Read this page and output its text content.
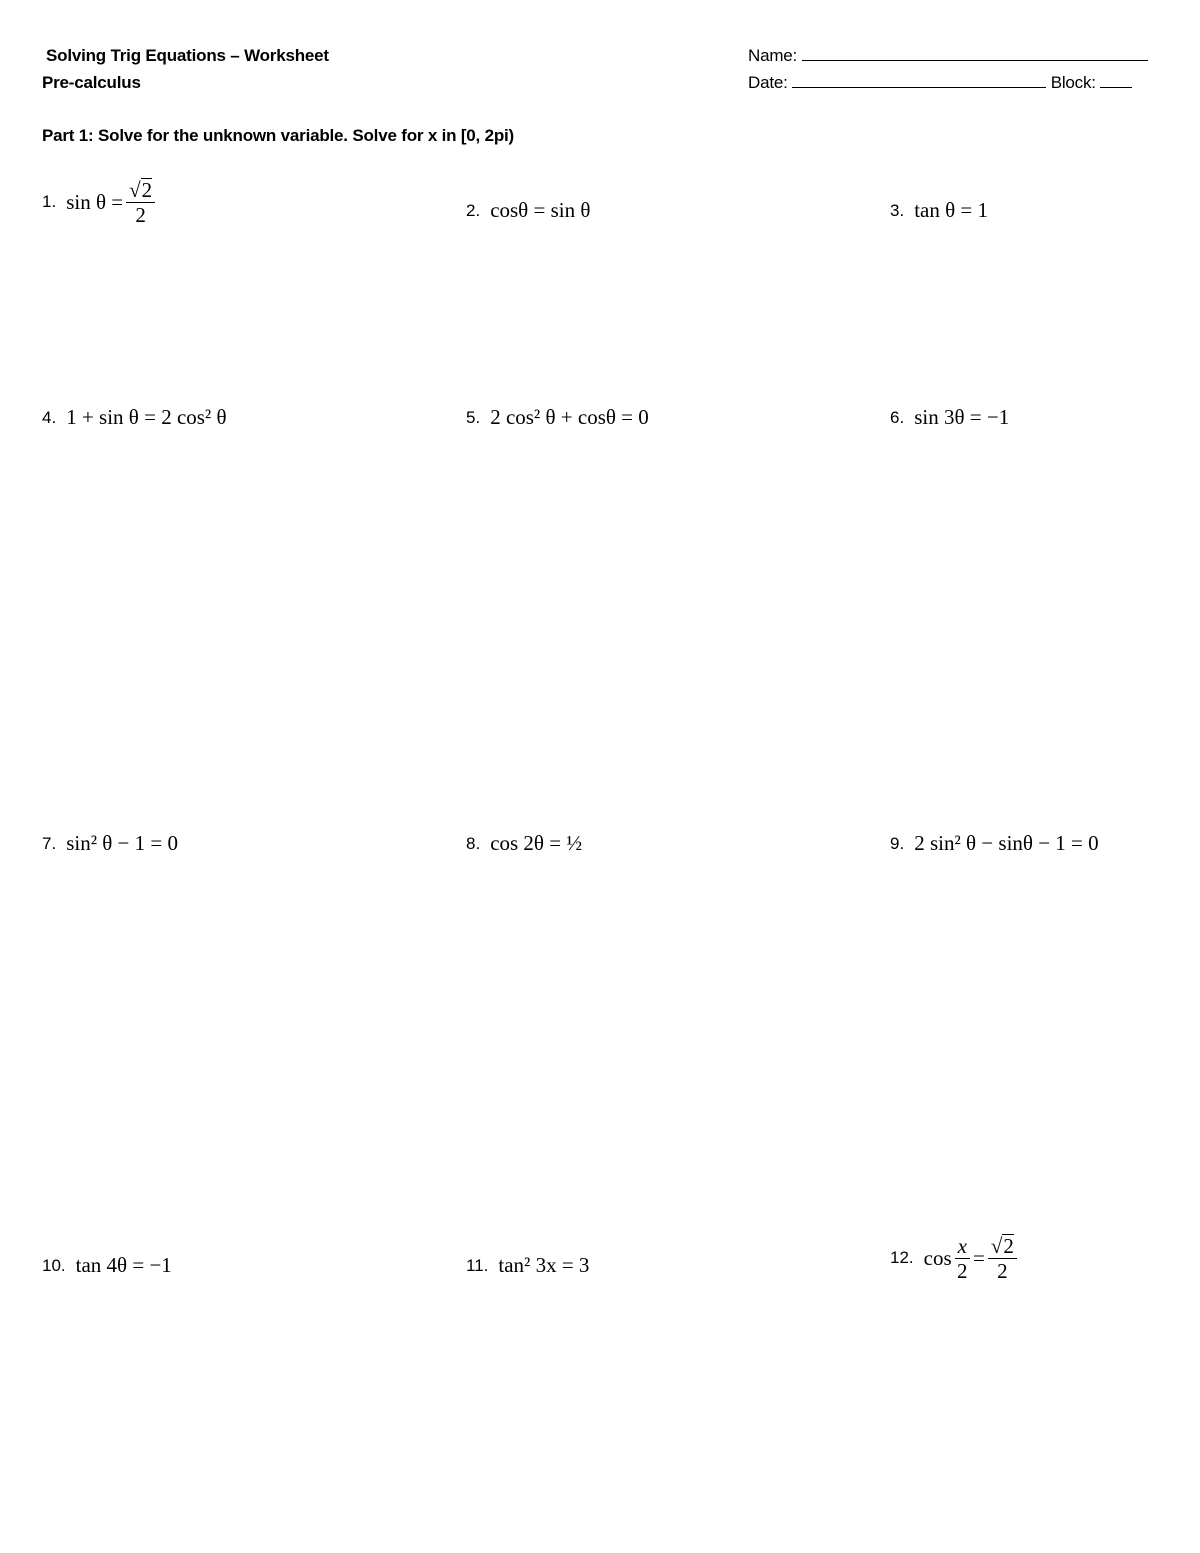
Solving Trig Equations – Worksheet
Pre-calculus
Name:
Date:	Block:
Part 1: Solve for the unknown variable. Solve for x in [0, 2pi)
1. $\sin \theta = \frac{√ 2}{2}$	2. cosθ = sin θ	3. tan θ = 1
4. 1 + sin θ = 2 cos² θ	5. 2 cos² θ + cosθ = 0	6. sin 3θ = −1
7. sin² θ − 1 = 0	8. cos 2θ = ½	9. 2 sin² θ − sinθ − 1 = 0
10. tan 4θ = −1	11. tan² 3x = 3	12. $\cos \frac{x}{2} = \frac{√ 2}{2}$
